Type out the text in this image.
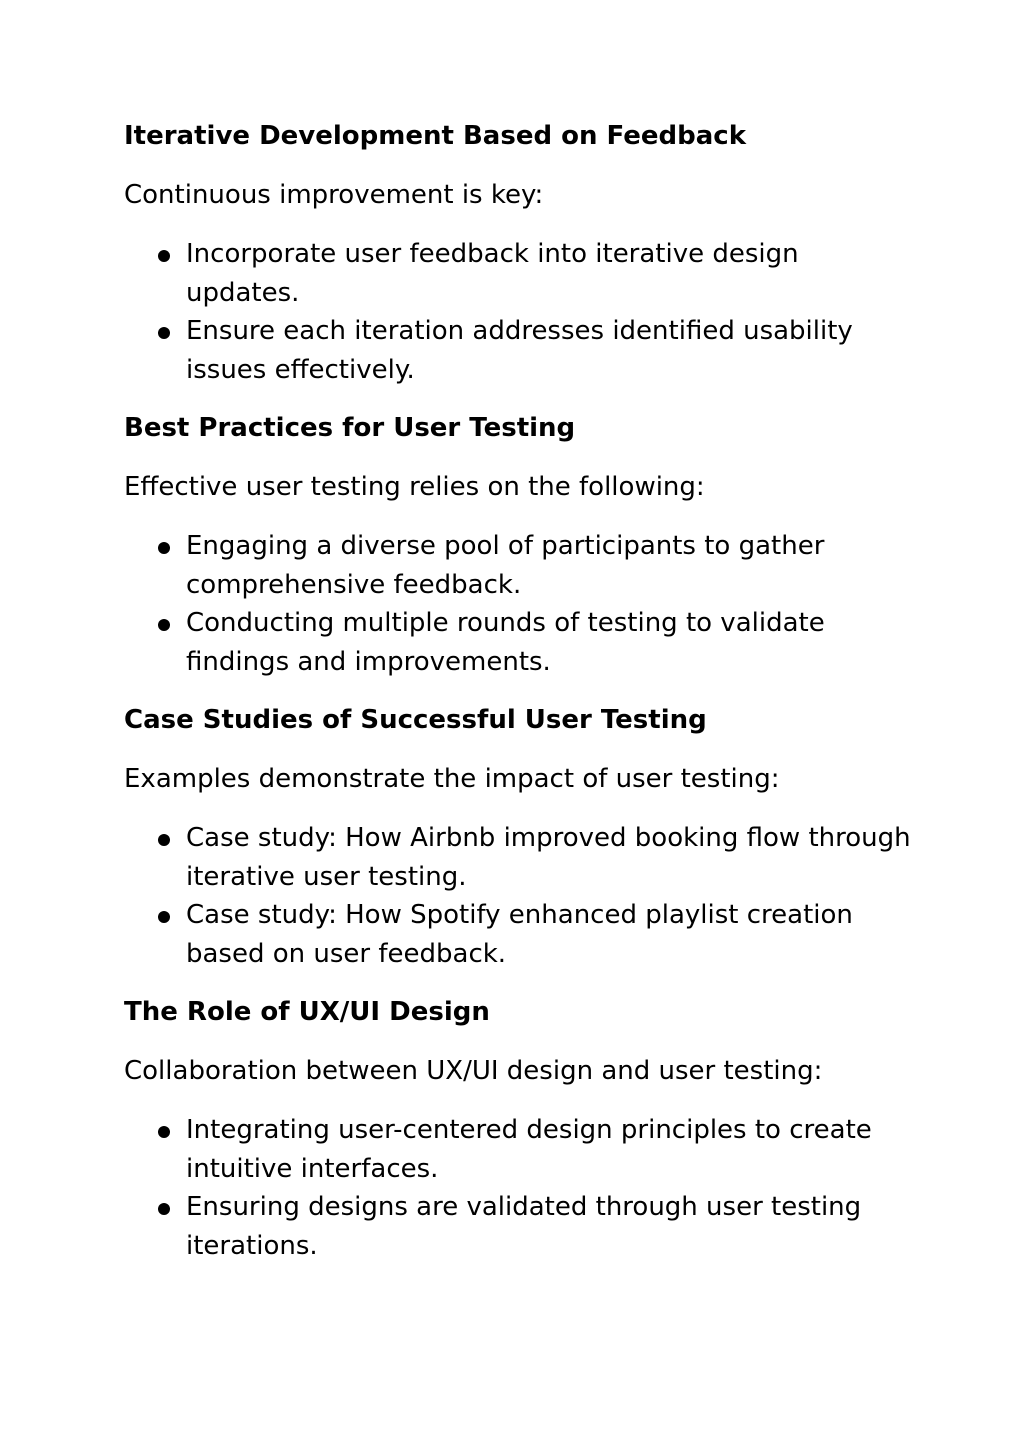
Iterative Development Based on Feedback
Continuous improvement is key:
Incorporate user feedback into iterative design updates.
Ensure each iteration addresses identified usability issues effectively.
Best Practices for User Testing
Effective user testing relies on the following:
Engaging a diverse pool of participants to gather comprehensive feedback.
Conducting multiple rounds of testing to validate findings and improvements.
Case Studies of Successful User Testing
Examples demonstrate the impact of user testing:
Case study: How Airbnb improved booking flow through iterative user testing.
Case study: How Spotify enhanced playlist creation based on user feedback.
The Role of UX/UI Design
Collaboration between UX/UI design and user testing:
Integrating user-centered design principles to create intuitive interfaces.
Ensuring designs are validated through user testing iterations.
